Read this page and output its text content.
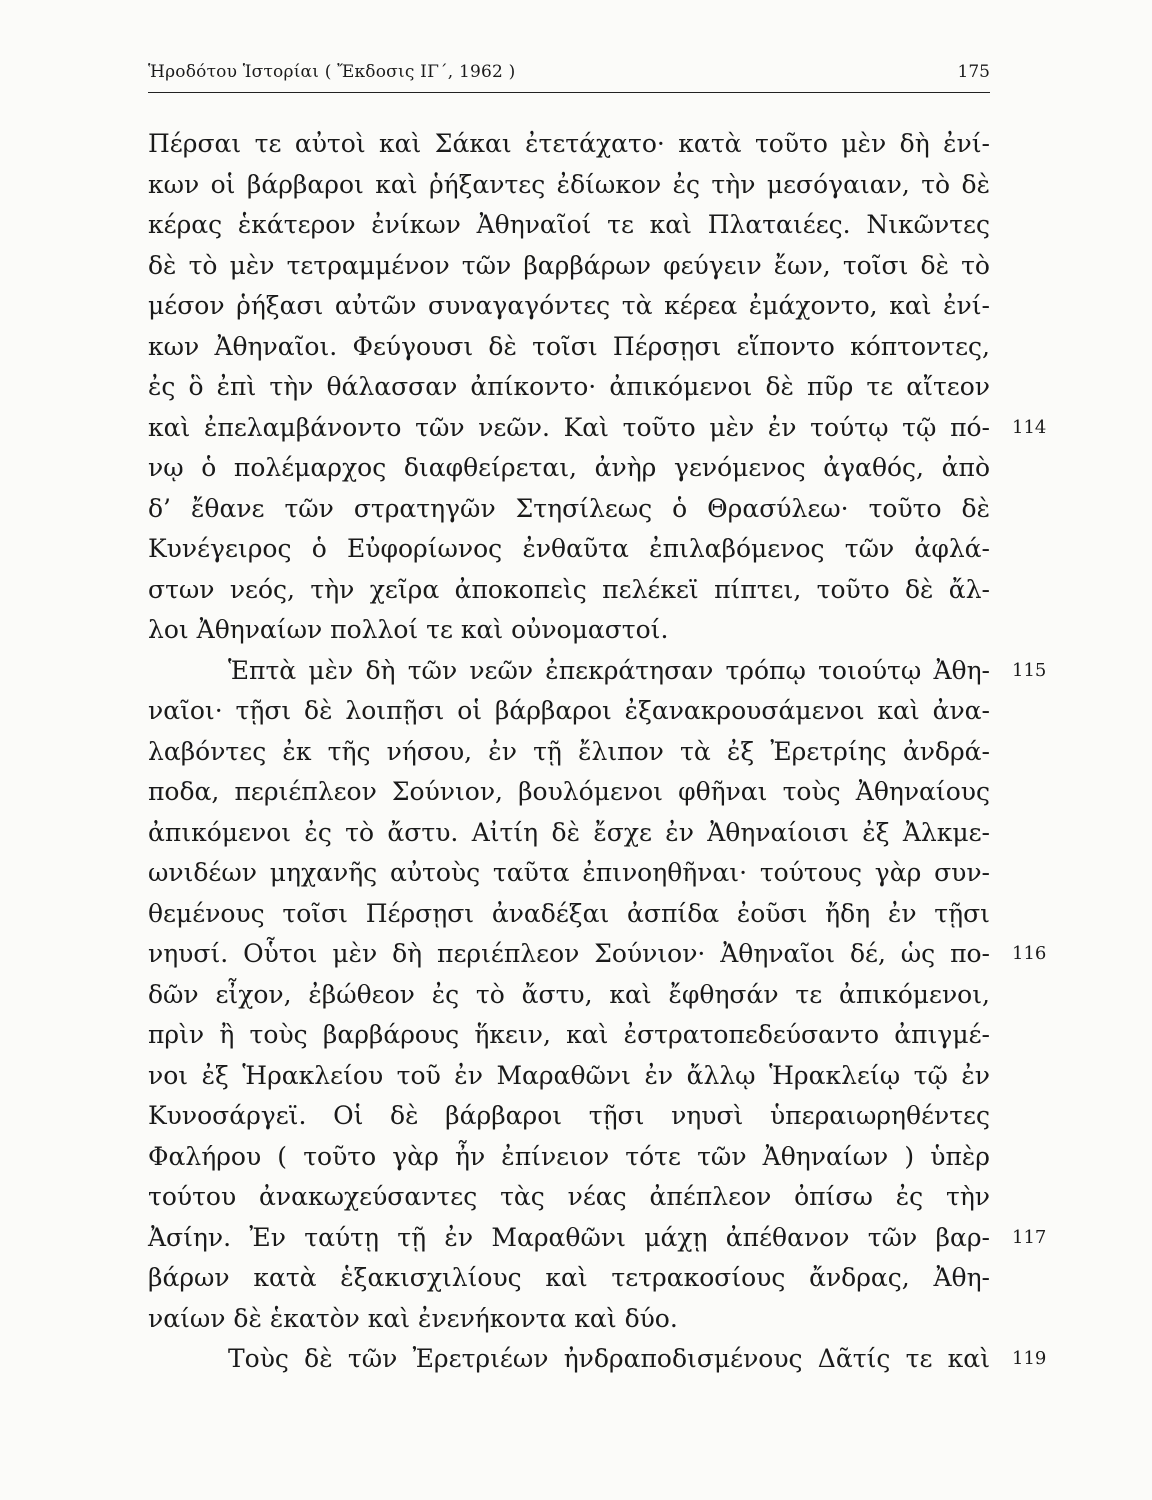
Ἡροδότου Ἱστορίαι ( Ἔκδοσις ΙΓ΄, 1962 )	175
Πέρσαι τε αὐτοὶ καὶ Σάκαι ἐτετάχατο· κατὰ τοῦτο μὲν δὴ ἐνί-
κων οἱ βάρβαροι καὶ ῥήξαντες ἐδίωκον ἐς τὴν μεσόγαιαν, τὸ δὲ
κέρας ἑκάτερον ἐνίκων Ἀθηναῖοί τε καὶ Πλαταιέες. Νικῶντες
δὲ τὸ μὲν τετραμμένον τῶν βαρβάρων φεύγειν ἔων, τοῖσι δὲ τὸ
μέσον ῥήξασι αὐτῶν συναγαγόντες τὰ κέρεα ἐμάχοντο, καὶ ἐνί-
κων Ἀθηναῖοι. Φεύγουσι δὲ τοῖσι Πέρσῃσι εἵποντο κόπτοντες,
ἐς ὃ ἐπὶ τὴν θάλασσαν ἀπίκοντο· ἀπικόμενοι δὲ πῦρ τε αἴτεον
καὶ ἐπελαμβάνοντο τῶν νεῶν. Καὶ τοῦτο μὲν ἐν τούτῳ τῷ πό- 114
νῳ ὁ πολέμαρχος διαφθείρεται, ἀνὴρ γενόμενος ἀγαθός, ἀπὸ
δ’ ἔθανε τῶν στρατηγῶν Στησίλεως ὁ Θρασύλεω· τοῦτο δὲ
Κυνέγειρος ὁ Εὐφορίωνος ἐνθαῦτα ἐπιλαβόμενος τῶν ἀφλά-
στων νεός, τὴν χεῖρα ἀποκοπεὶς πελέκεϊ πίπτει, τοῦτο δὲ ἄλ-
λοι Ἀθηναίων πολλοί τε καὶ οὐνομαστοί.
Ἑπτὰ μὲν δὴ τῶν νεῶν ἐπεκράτησαν τρόπῳ τοιούτῳ Ἀθη- 115
ναῖοι· τῇσι δὲ λοιπῇσι οἱ βάρβαροι ἐξανακρουσάμενοι καὶ ἀνα-
λαβόντες ἐκ τῆς νήσου, ἐν τῇ ἔλιπον τὰ ἐξ Ἐρετρίης ἀνδρά-
ποδα, περιέπλεον Σούνιον, βουλόμενοι φθῆναι τοὺς Ἀθηναίους
ἀπικόμενοι ἐς τὸ ἄστυ. Αἰτίη δὲ ἔσχε ἐν Ἀθηναίοισι ἐξ Ἀλκμε-
ωνιδέων μηχανῆς αὐτοὺς ταῦτα ἐπινοηθῆναι· τούτους γὰρ συν-
θεμένους τοῖσι Πέρσῃσι ἀναδέξαι ἀσπίδα ἐοῦσι ἤδη ἐν τῇσι
νηυσί. Οὗτοι μὲν δὴ περιέπλεον Σούνιον· Ἀθηναῖοι δέ, ὡς πο- 116
δῶν εἶχον, ἐβώθεον ἐς τὸ ἄστυ, καὶ ἔφθησάν τε ἀπικόμενοι,
πρὶν ἢ τοὺς βαρβάρους ἥκειν, καὶ ἐστρατοπεδεύσαντο ἀπιγμέ-
νοι ἐξ Ἡρακλείου τοῦ ἐν Μαραθῶνι ἐν ἄλλῳ Ἡρακλείῳ τῷ ἐν
Κυνοσάργεϊ. Οἱ δὲ βάρβαροι τῇσι νηυσὶ ὑπεραιωρηθέντες
Φαλήρου ( τοῦτο γὰρ ἦν ἐπίνειον τότε τῶν Ἀθηναίων ) ὑπὲρ
τούτου ἀνακωχεύσαντες τὰς νέας ἀπέπλεον ὀπίσω ἐς τὴν
Ἀσίην. Ἐν ταύτῃ τῇ ἐν Μαραθῶνι μάχῃ ἀπέθανον τῶν βαρ- 117
βάρων κατὰ ἑξακισχιλίους καὶ τετρακοσίους ἄνδρας, Ἀθη-
ναίων δὲ ἑκατὸν καὶ ἐνενήκοντα καὶ δύο.
Τοὺς δὲ τῶν Ἐρετριέων ἠνδραποδισμένους Δᾶτίς τε καὶ 119
